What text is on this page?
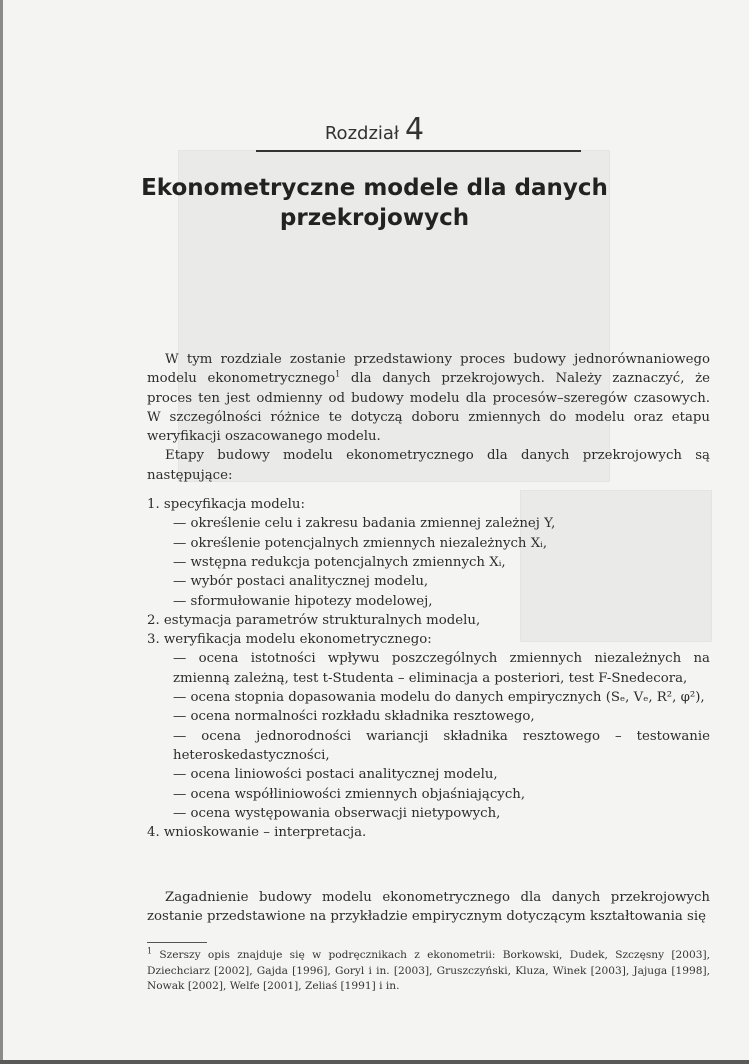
Rozdział 4
Ekonometryczne modele dla danych
przekrojowych

W tym rozdziale zostanie przedstawiony proces budowy jednorównaniowego modelu ekonometrycznego$^1$ dla danych przekrojowych. Należy zaznaczyć, że proces ten jest odmienny od budowy modelu dla procesów–szeregów czasowych. W szczególności różnice te dotyczą doboru zmiennych do modelu oraz etapu weryfikacji oszacowanego modelu.

Etapy budowy modelu ekonometrycznego dla danych przekrojowych są następujące:

1. specyfikacja modelu:
— określenie celu i zakresu badania zmiennej zależnej Y,
— określenie potencjalnych zmiennych niezależnych Xᵢ,
— wstępna redukcja potencjalnych zmiennych Xᵢ,
— wybór postaci analitycznej modelu,
— sformułowanie hipotezy modelowej,
2. estymacja parametrów strukturalnych modelu,
3. weryfikacja modelu ekonometrycznego:
— ocena istotności wpływu poszczególnych zmiennych niezależnych na zmienną zależną, test t-Studenta – eliminacja a posteriori, test F-Snedecora,
— ocena stopnia dopasowania modelu do danych empirycznych (Sₑ, Vₑ, R², φ²),
— ocena normalności rozkładu składnika resztowego,
— ocena jednorodności wariancji składnika resztowego – testowanie heteroskedastyczności,
— ocena liniowości postaci analitycznej modelu,
— ocena współliniowości zmiennych objaśniających,
— ocena występowania obserwacji nietypowych,
4. wnioskowanie – interpretacja.

Zagadnienie budowy modelu ekonometrycznego dla danych przekrojowych zostanie przedstawione na przykładzie empirycznym dotyczącym kształtowania się

$^1$ Szerszy opis znajduje się w podręcznikach z ekonometrii: Borkowski, Dudek, Szczęsny [2003], Dziechciarz [2002], Gajda [1996], Goryl i in. [2003], Gruszczyński, Kluza, Winek [2003], Jajuga [1998], Nowak [2002], Welfe [2001], Zeliaś [1991] i in.
